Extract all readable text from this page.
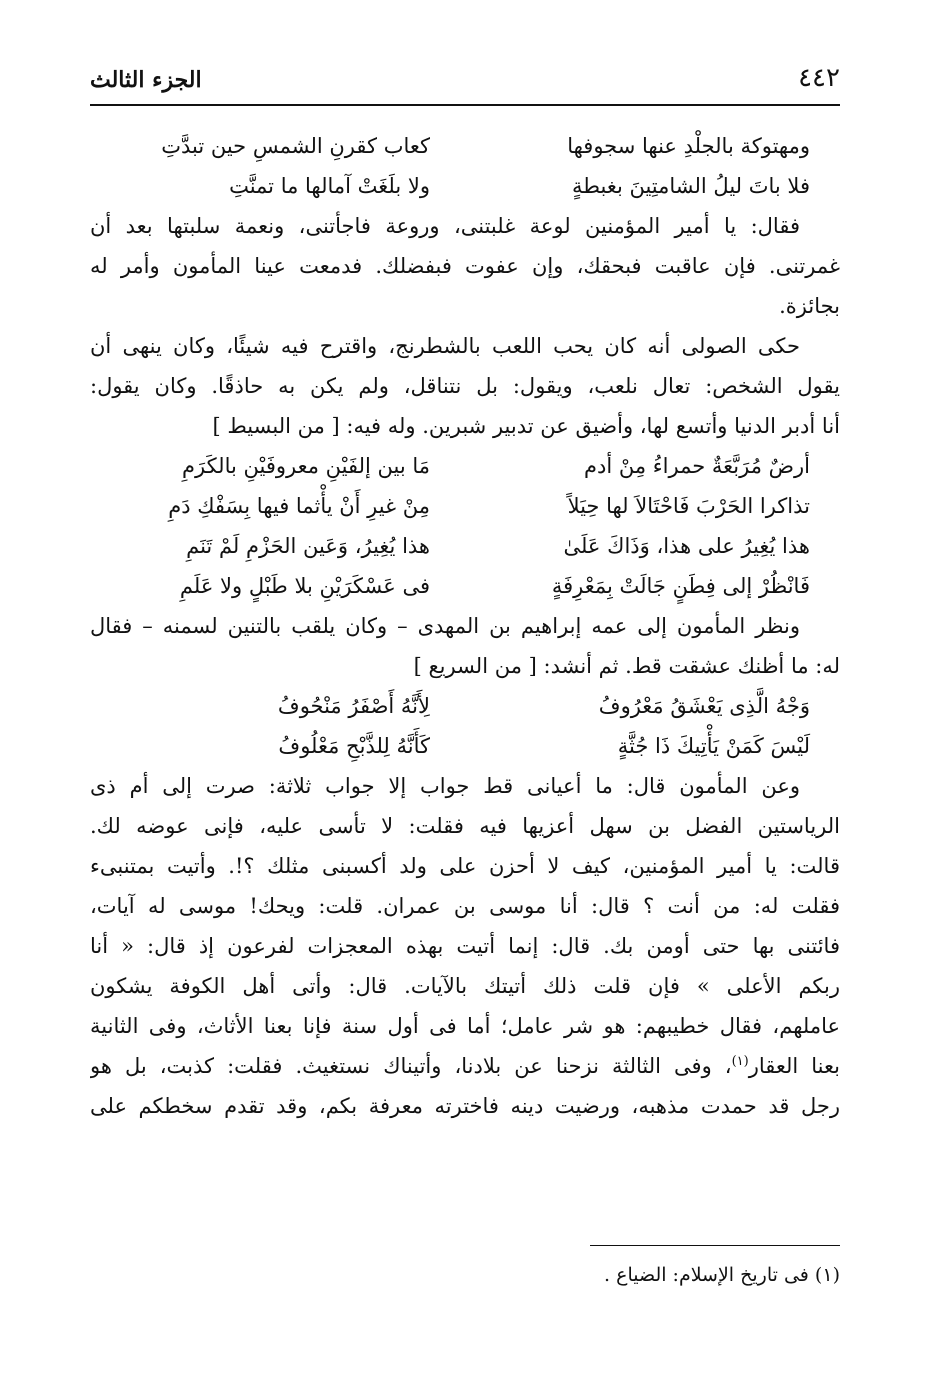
٤٤٢
الجزء الثالث
ومهتوكة بالجلْدِ عنها سجوفها
كعاب كقرنِ الشمسِ حين تبدَّتِ
فلا باتَ ليلُ الشامتِينَ بغبطةٍ
ولا بلَغَتْ آمالها ما تمنَّتِ
فقال: يا أمير المؤمنين لوعة غلبتنى، وروعة فاجأتنى، ونعمة سلبتها بعد أن
غمرتنى. فإن عاقبت فبحقك، وإن عفوت فبفضلك. فدمعت عينا المأمون وأمر له
بجائزة.
حكى الصولى أنه كان يحب اللعب بالشطرنج، واقترح فيه شيئًا، وكان ينهى أن
يقول الشخص: تعال نلعب، ويقول: بل نتناقل، ولم يكن به حاذقًا. وكان يقول:
أنا أدبر الدنيا وأتسع لها، وأضيق عن تدبير شبرين. وله فيه: [ من البسيط ]
أرضٌ مُرَبَّعَةٌ حمراءُ مِنْ أدم
مَا بين إلفَيْنِ معروفَيْنِ بالكَرَمِ
تذاكرا الحَرْبَ فَاحْتَالاَ لها حِيَلاً
مِنْ غيرِ أَنْ يأْثما فيها بِسَفْكِ دَمِ
هذا يُغِيرُ على هذا، وَذَاكَ عَلَىٰ
هذا يُغِيرُ، وَعَين الحَزْمِ لَمْ تَنَمِ
فَانْظُرْ إلى فِطَنٍ جَالَتْ بِمَعْرِفَةٍ
فى عَسْكَرَيْنِ بلا طَبْلٍ ولا عَلَمِ
ونظر المأمون إلى عمه إبراهيم بن المهدى – وكان يلقب بالتنين لسمنه – فقال
له: ما أظنك عشقت قط. ثم أنشد: [ من السريع ]
وَجْهُ الَّذِى يَعْشَقُ مَعْرُوفُ
لِأَنَّهُ أَصْفَرُ مَنْحُوفُ
لَيْسَ كَمَنْ يَأْتِيكَ ذَا جُثَّةٍ
كَأَنَّهُ لِلذَّبْحِ مَعْلُوفُ
وعن المأمون قال: ما أعيانى قط جواب إلا جواب ثلاثة: صرت إلى أم ذى
الرياستين الفضل بن سهل أعزيها فيه فقلت: لا تأسى عليه، فإنى عوضه لك.
قالت: يا أمير المؤمنين، كيف لا أحزن على ولد أكسبنى مثلك ؟!. وأتيت بمتنبىء
فقلت له: من أنت ؟ قال: أنا موسى بن عمران. قلت: ويحك! موسى له آيات،
فائتنى بها حتى أومن بك. قال: إنما أتيت بهذه المعجزات لفرعون إذ قال: « أنا
ربكم الأعلى » فإن قلت ذلك أتيتك بالآيات. قال: وأتى أهل الكوفة يشكون
عاملهم، فقال خطيبهم: هو شر عامل؛ أما فى أول سنة فإنا بعنا الأثاث، وفى الثانية
بعنا العقار$^{(١)}$، وفى الثالثة نزحنا عن بلادنا، وأتيناك نستغيث. فقلت: كذبت، بل هو
رجل قد حمدت مذهبه، ورضيت دينه فاخترته معرفة بكم، وقد تقدم سخطكم على
(١) فى تاريخ الإسلام: الضياع .
